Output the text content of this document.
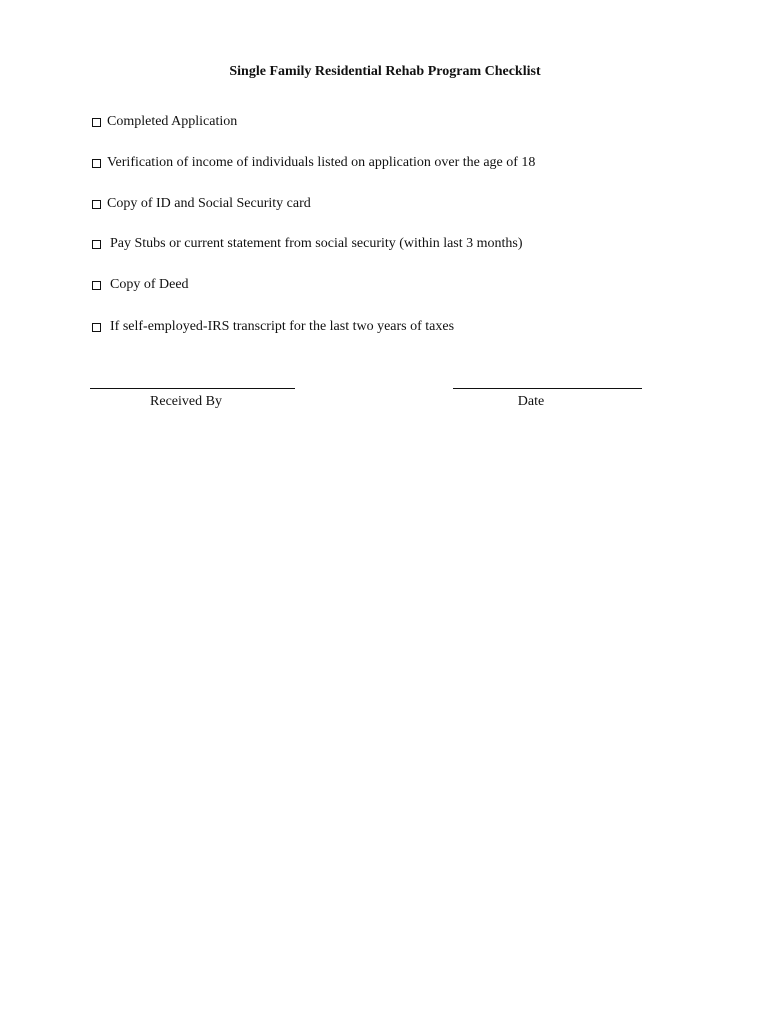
Single Family Residential Rehab Program Checklist
Completed Application
Verification of income of individuals listed on application over the age of 18
Copy of ID and Social Security card
Pay Stubs or current statement from social security (within last 3 months)
Copy of Deed
If self-employed-IRS transcript for the last two years of taxes
Received By	Date
